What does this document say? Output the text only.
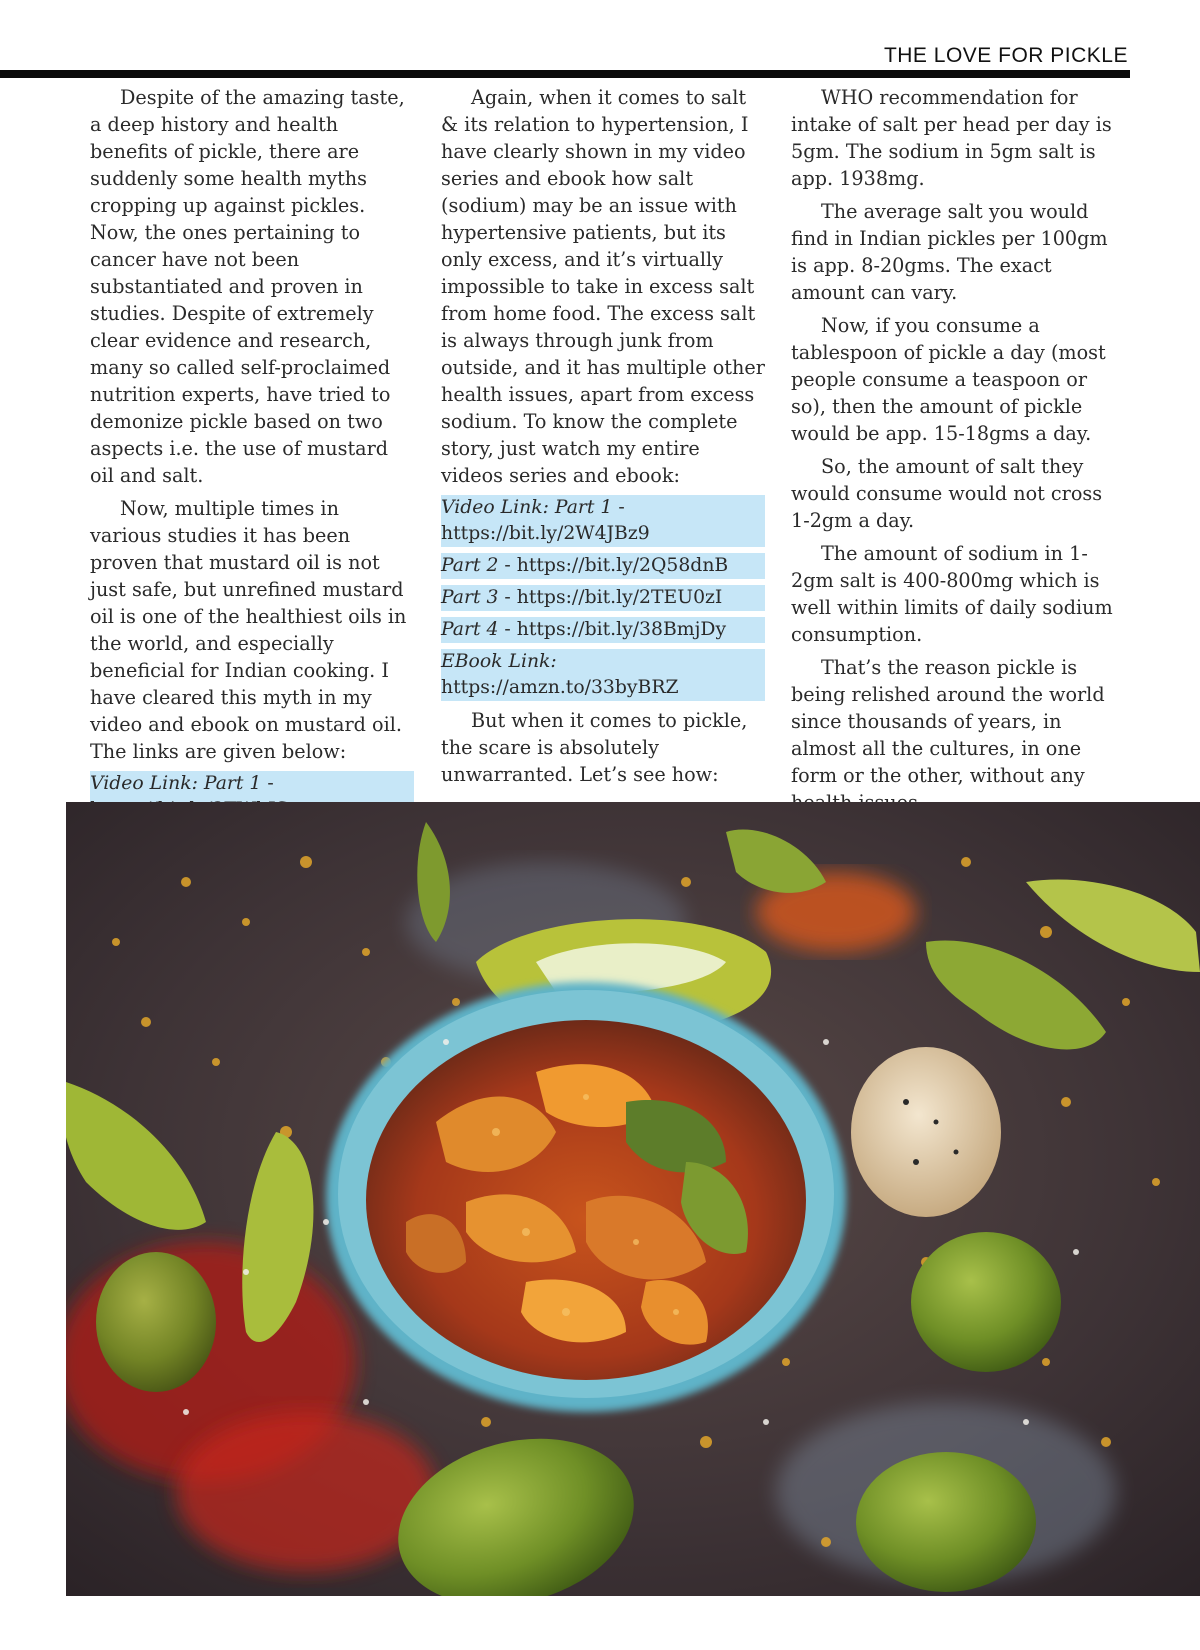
THE LOVE FOR PICKLE

Despite of the amazing taste, a deep history and health benefits of pickle, there are suddenly some health myths cropping up against pickles. Now, the ones pertaining to cancer have not been substantiated and proven in studies. Despite of extremely clear evidence and research, many so called self-proclaimed nutrition experts, have tried to demonize pickle based on two aspects i.e. the use of mustard oil and salt.

Now, multiple times in various studies it has been proven that mustard oil is not just safe, but unrefined mustard oil is one of the healthiest oils in the world, and especially beneficial for Indian cooking. I have cleared this myth in my video and ebook on mustard oil. The links are given below:

Video Link: Part 1 -

Again, when it comes to salt & its relation to hypertension, I have clearly shown in my video series and ebook how salt (sodium) may be an issue with hypertensive patients, but its only excess, and it’s virtually impossible to take in excess salt from home food. The excess salt is always through junk from outside, and it has multiple other health issues, apart from excess sodium. To know the complete story, just watch my entire videos series and ebook:

Video Link: Part 1 - https://bit.ly/2W4JBz9
Part 2 - https://bit.ly/2Q58dnB
Part 3 - https://bit.ly/2TEU0zI
Part 4 - https://bit.ly/38BmjDy
EBook Link: https://amzn.to/33byBRZ

But when it comes to pickle, the scare is absolutely unwarranted. Let’s see how:

WHO recommendation for intake of salt per head per day is 5gm. The sodium in 5gm salt is app. 1938mg.

The average salt you would find in Indian pickles per 100gm is app. 8-20gms. The exact amount can vary.

Now, if you consume a tablespoon of pickle a day (most people consume a teaspoon or so), then the amount of pickle would be app. 15-18gms a day.

So, the amount of salt they would consume would not cross 1-2gm a day.

The amount of sodium in 1-2gm salt is 400-800mg which is well within limits of daily sodium consumption.

That’s the reason pickle is being relished around the world since thousands of years, in almost all the cultures, in one form or the other, without any
